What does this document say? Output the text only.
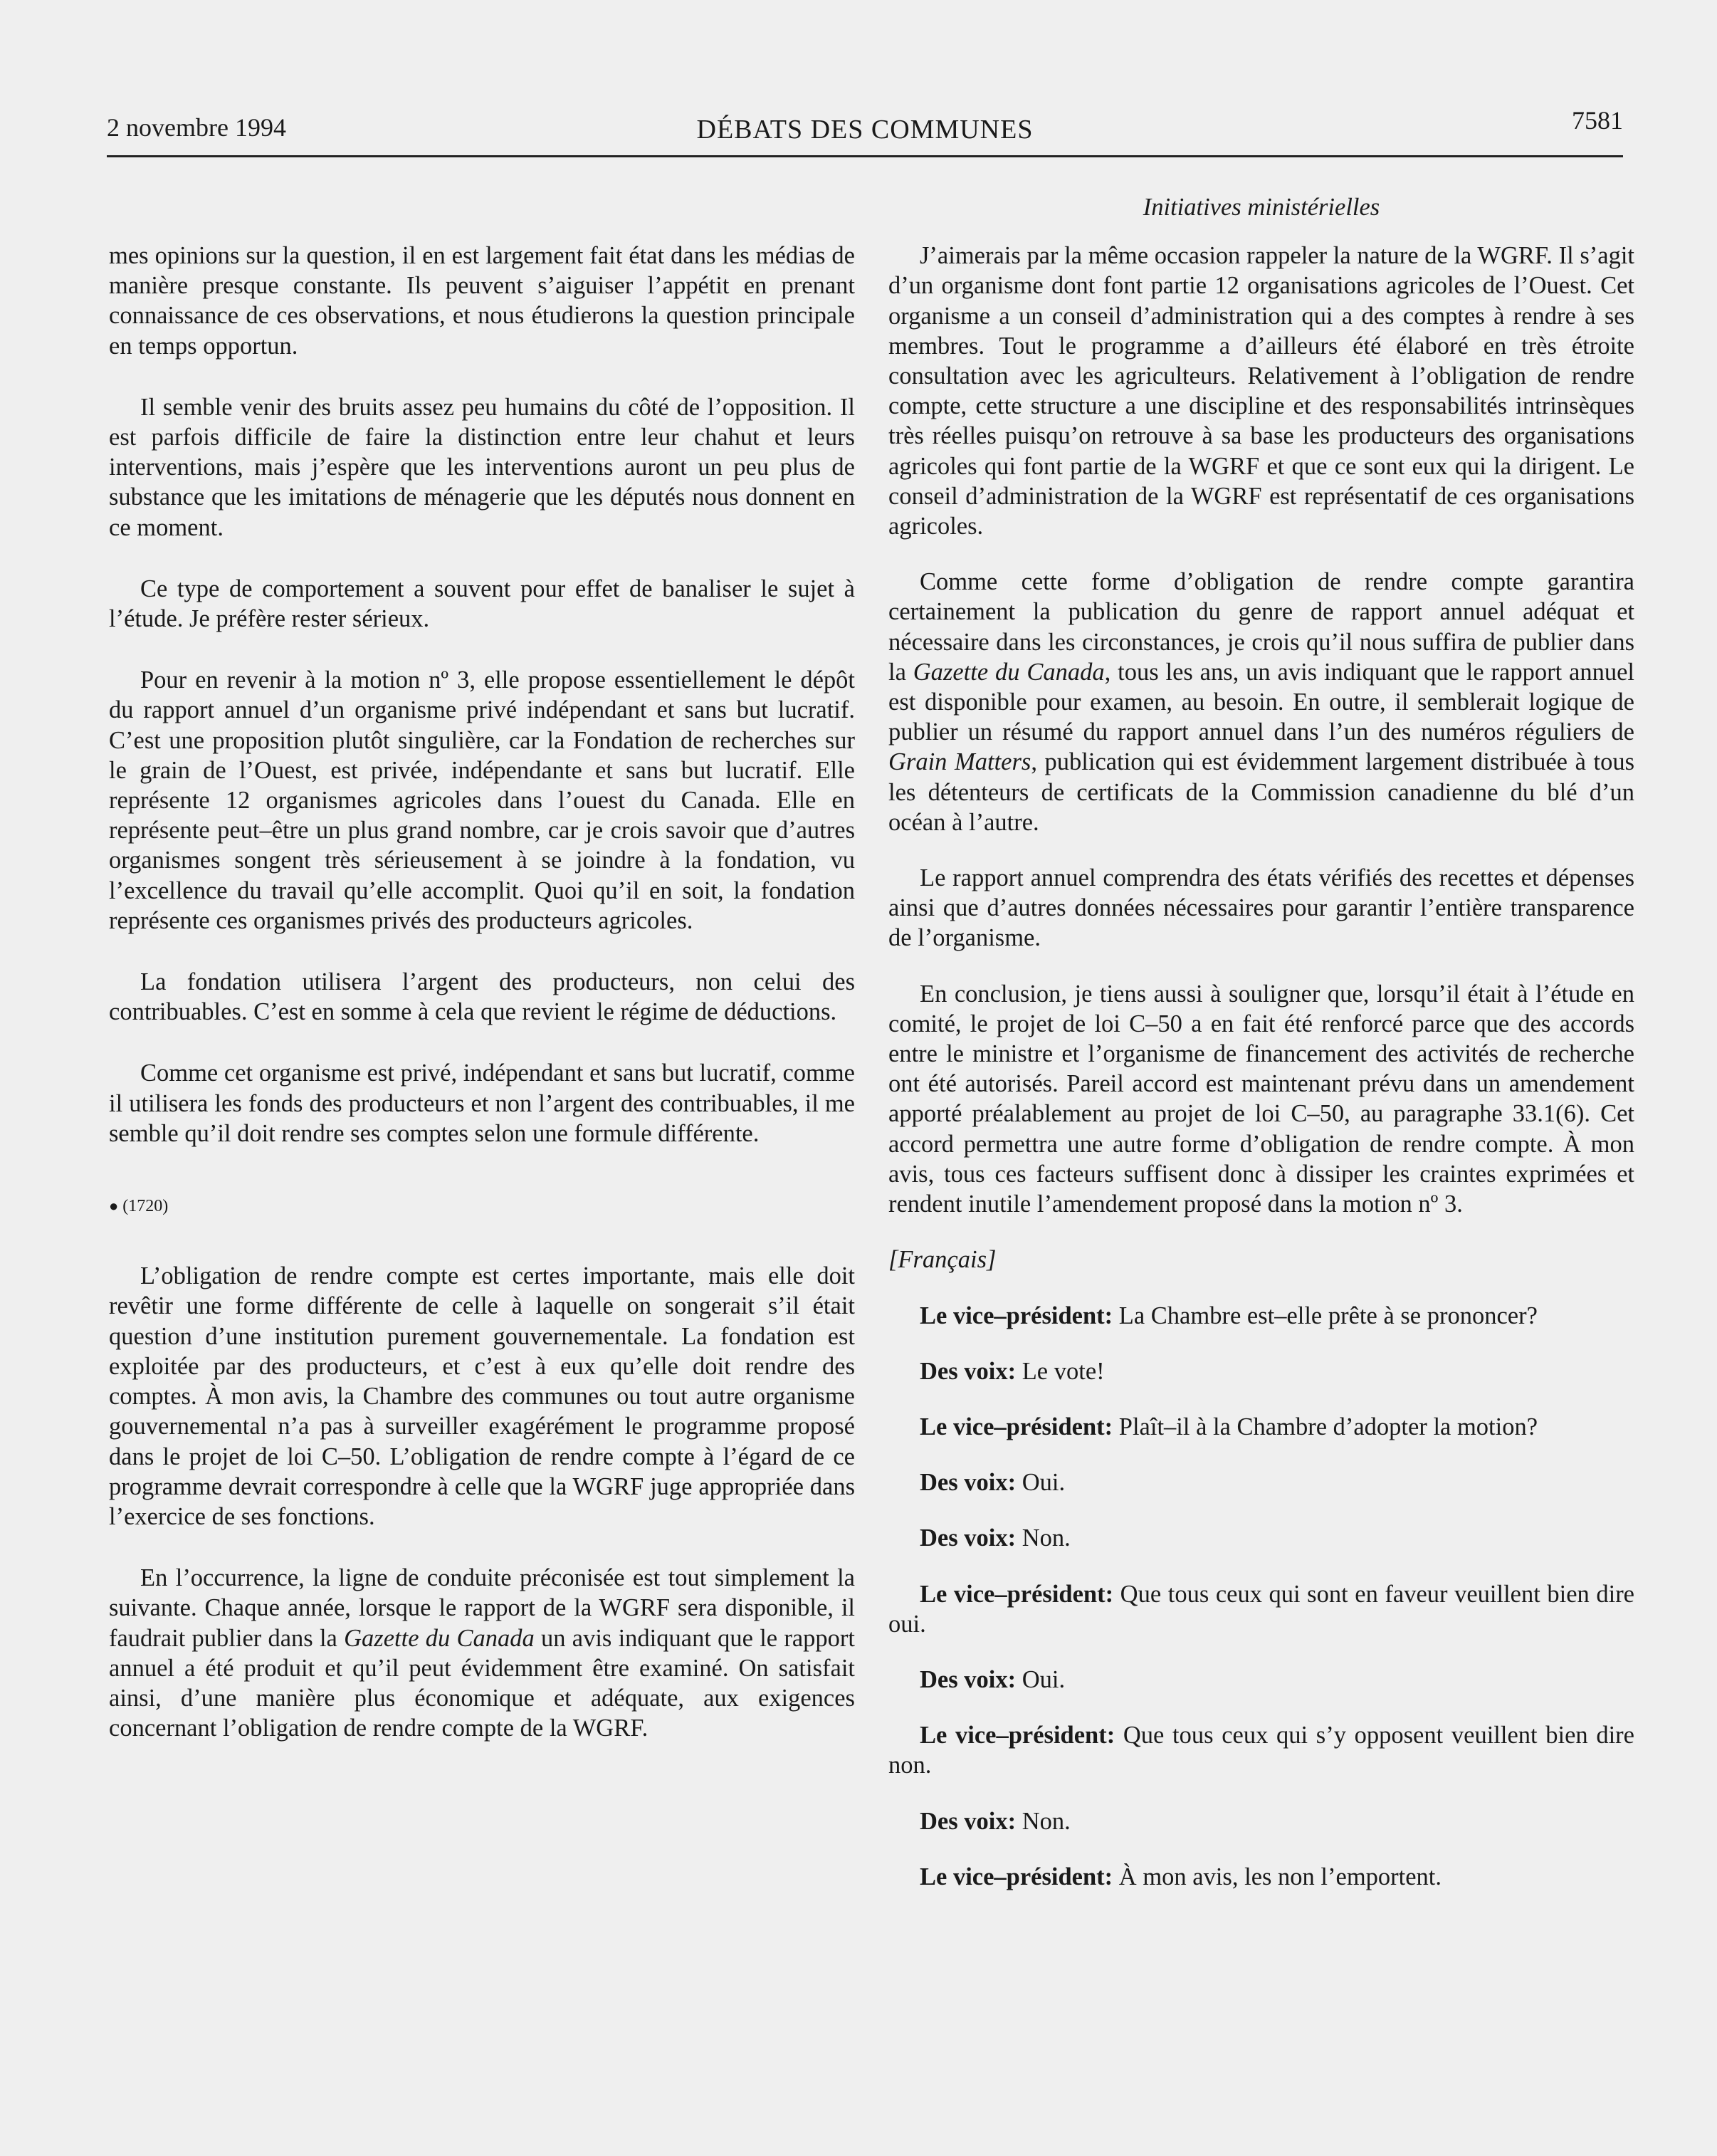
2 novembre 1994	DÉBATS DES COMMUNES	7581

mes opinions sur la question, il en est largement fait état dans les médias de manière presque constante. Ils peuvent s’aiguiser l’appétit en prenant connaissance de ces observations, et nous étudierons la question principale en temps opportun.

Il semble venir des bruits assez peu humains du côté de l’opposition. Il est parfois difficile de faire la distinction entre leur chahut et leurs interventions, mais j’espère que les interventions auront un peu plus de substance que les imitations de ménagerie que les députés nous donnent en ce moment.

Ce type de comportement a souvent pour effet de banaliser le sujet à l’étude. Je préfère rester sérieux.

Pour en revenir à la motion nº 3, elle propose essentiellement le dépôt du rapport annuel d’un organisme privé indépendant et sans but lucratif. C’est une proposition plutôt singulière, car la Fondation de recherches sur le grain de l’Ouest, est privée, indépendante et sans but lucratif. Elle représente 12 organismes agricoles dans l’ouest du Canada. Elle en représente peut–être un plus grand nombre, car je crois savoir que d’autres organismes songent très sérieusement à se joindre à la fondation, vu l’excellence du travail qu’elle accomplit. Quoi qu’il en soit, la fondation représente ces organismes privés des producteurs agricoles.

La fondation utilisera l’argent des producteurs, non celui des contribuables. C’est en somme à cela que revient le régime de déductions.

Comme cet organisme est privé, indépendant et sans but lucratif, comme il utilisera les fonds des producteurs et non l’argent des contribuables, il me semble qu’il doit rendre ses comptes selon une formule différente.

● (1720)

L’obligation de rendre compte est certes importante, mais elle doit revêtir une forme différente de celle à laquelle on songerait s’il était question d’une institution purement gouvernementale. La fondation est exploitée par des producteurs, et c’est à eux qu’elle doit rendre des comptes. À mon avis, la Chambre des communes ou tout autre organisme gouvernemental n’a pas à surveiller exagérément le programme proposé dans le projet de loi C–50. L’obligation de rendre compte à l’égard de ce programme devrait correspondre à celle que la WGRF juge appropriée dans l’exercice de ses fonctions.

En l’occurrence, la ligne de conduite préconisée est tout simplement la suivante. Chaque année, lorsque le rapport de la WGRF sera disponible, il faudrait publier dans la Gazette du Canada un avis indiquant que le rapport annuel a été produit et qu’il peut évidemment être examiné. On satisfait ainsi, d’une manière plus économique et adéquate, aux exigences concernant l’obligation de rendre compte de la WGRF.

Initiatives ministérielles

J’aimerais par la même occasion rappeler la nature de la WGRF. Il s’agit d’un organisme dont font partie 12 organisations agricoles de l’Ouest. Cet organisme a un conseil d’administration qui a des comptes à rendre à ses membres. Tout le programme a d’ailleurs été élaboré en très étroite consultation avec les agriculteurs. Relativement à l’obligation de rendre compte, cette structure a une discipline et des responsabilités intrinsèques très réelles puisqu’on retrouve à sa base les producteurs des organisations agricoles qui font partie de la WGRF et que ce sont eux qui la dirigent. Le conseil d’administration de la WGRF est représentatif de ces organisations agricoles.

Comme cette forme d’obligation de rendre compte garantira certainement la publication du genre de rapport annuel adéquat et nécessaire dans les circonstances, je crois qu’il nous suffira de publier dans la Gazette du Canada, tous les ans, un avis indiquant que le rapport annuel est disponible pour examen, au besoin. En outre, il semblerait logique de publier un résumé du rapport annuel dans l’un des numéros réguliers de Grain Matters, publication qui est évidemment largement distribuée à tous les détenteurs de certificats de la Commission canadienne du blé d’un océan à l’autre.

Le rapport annuel comprendra des états vérifiés des recettes et dépenses ainsi que d’autres données nécessaires pour garantir l’entière transparence de l’organisme.

En conclusion, je tiens aussi à souligner que, lorsqu’il était à l’étude en comité, le projet de loi C–50 a en fait été renforcé parce que des accords entre le ministre et l’organisme de financement des activités de recherche ont été autorisés. Pareil accord est maintenant prévu dans un amendement apporté préalablement au projet de loi C–50, au paragraphe 33.1(6). Cet accord permettra une autre forme d’obligation de rendre compte. À mon avis, tous ces facteurs suffisent donc à dissiper les craintes exprimées et rendent inutile l’amendement proposé dans la motion nº 3.

[Français]

Le vice–président: La Chambre est–elle prête à se prononcer?

Des voix: Le vote!

Le vice–président: Plaît–il à la Chambre d’adopter la motion?

Des voix: Oui.

Des voix: Non.

Le vice–président: Que tous ceux qui sont en faveur veuillent bien dire oui.

Des voix: Oui.

Le vice–président: Que tous ceux qui s’y opposent veuillent bien dire non.

Des voix: Non.

Le vice–président: À mon avis, les non l’emportent.
